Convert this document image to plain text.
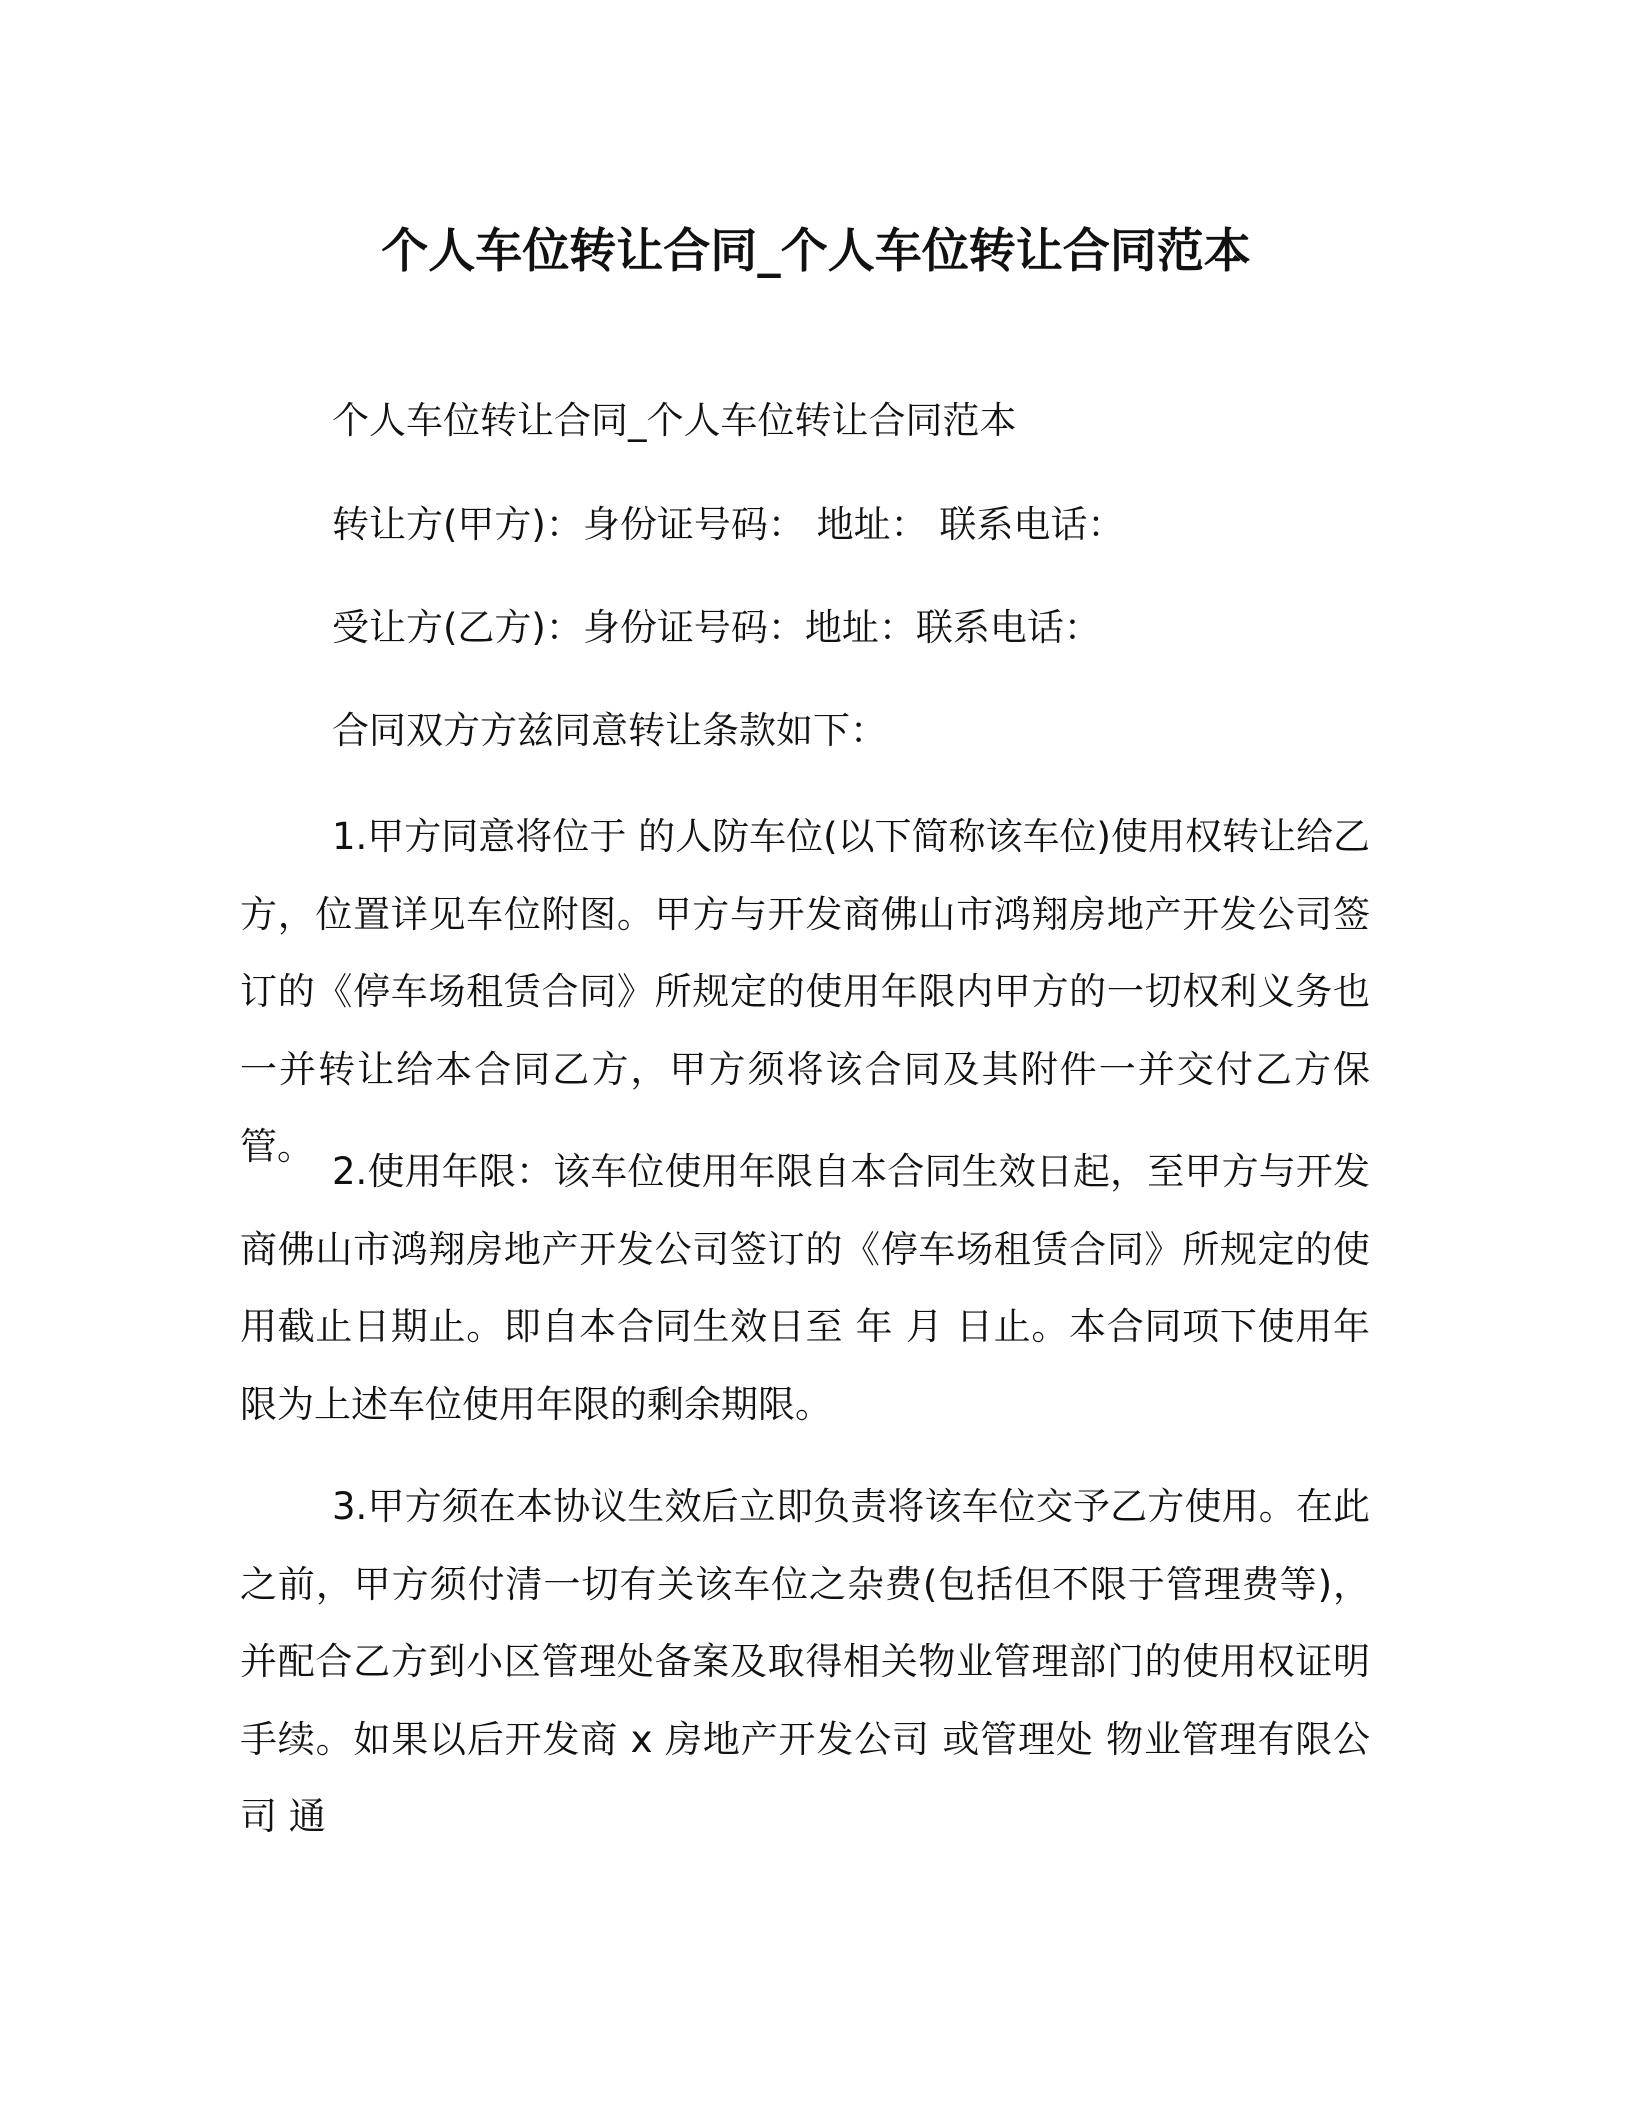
个人车位转让合同_个人车位转让合同范本

个人车位转让合同_个人车位转让合同范本

转让方(甲方)：身份证号码： 地址： 联系电话：

受让方(乙方)：身份证号码：地址：联系电话：

合同双方方兹同意转让条款如下：

1.甲方同意将位于 的人防车位(以下简称该车位)使用权转让给乙方，位置详见车位附图。甲方与开发商佛山市鸿翔房地产开发公司签订的《停车场租赁合同》所规定的使用年限内甲方的一切权利义务也一并转让给本合同乙方，甲方须将该合同及其附件一并交付乙方保管。

2.使用年限：该车位使用年限自本合同生效日起，至甲方与开发商佛山市鸿翔房地产开发公司签订的《停车场租赁合同》所规定的使用截止日期止。即自本合同生效日至 年 月 日止。本合同项下使用年限为上述车位使用年限的剩余期限。

3.甲方须在本协议生效后立即负责将该车位交予乙方使用。在此之前，甲方须付清一切有关该车位之杂费(包括但不限于管理费等)，并配合乙方到小区管理处备案及取得相关物业管理部门的使用权证明手续。如果以后开发商 x 房地产开发公司 或管理处 物业管理有限公司 通
